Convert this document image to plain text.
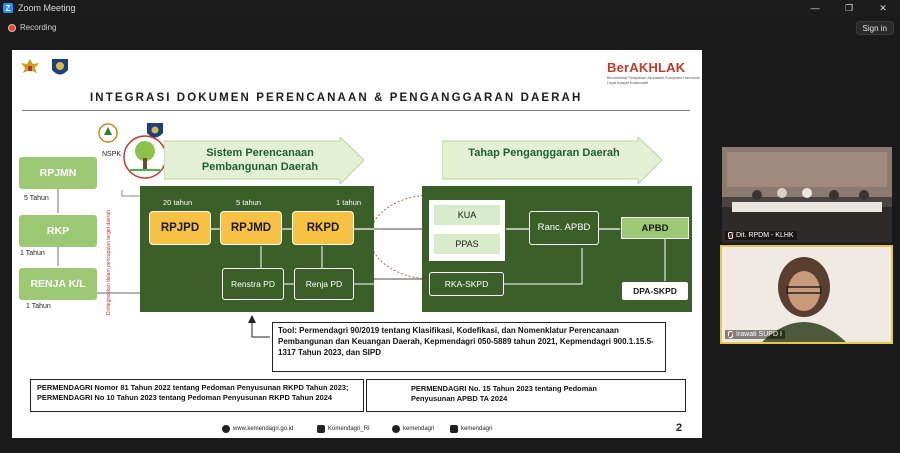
Z Zoom Meeting	—	❐	✕
Recording	Sign in
BerAKHLAK
Berorientasi Pelayanan Akuntabel Kompeten Harmonis Loyal Adaptif Kolaboratif
INTEGRASI DOKUMEN PERENCANAAN & PENGANGGARAN DAERAH
NSPK
RPJMN
RKP
RENJA K/L
5 Tahun
1 Tahun
1 Tahun	Diintegrasikan dalam pencapaian target daerah
Sistem Perencanaan Pembangunan Daerah
Tahap Penganggaran Daerah
20 tahun	5 tahun	1 tahun
RPJPD	RPJMD	RKPD
Renstra PD	Renja PD
KUA
PPAS
Ranc. APBD	APBD
RKA-SKPD
DPA-SKPD
Tool: Permendagri 90/2019 tentang Klasifikasi, Kodefikasi, dan Nomenklatur Perencanaan Pembangunan dan Keuangan Daerah, Kepmendagri 050-5889 tahun 2021, Kepmendagri 900.1.15.5-1317 Tahun 2023, dan SIPD
PERMENDAGRI Nomor 81 Tahun 2022 tentang Pedoman Penyusunan RKPD Tahun 2023; PERMENDAGRI No 10 Tahun 2023 tentang Pedoman Penyusunan RKPD Tahun 2024
PERMENDAGRI No. 15 Tahun 2023 tentang Pedoman Penyusunan APBD TA 2024
www.kemendagri.go.id	Komendagri_RI	kemendagri	kemendagri	2
Dit. RPDM - KLHK
Irawati SUPD I
